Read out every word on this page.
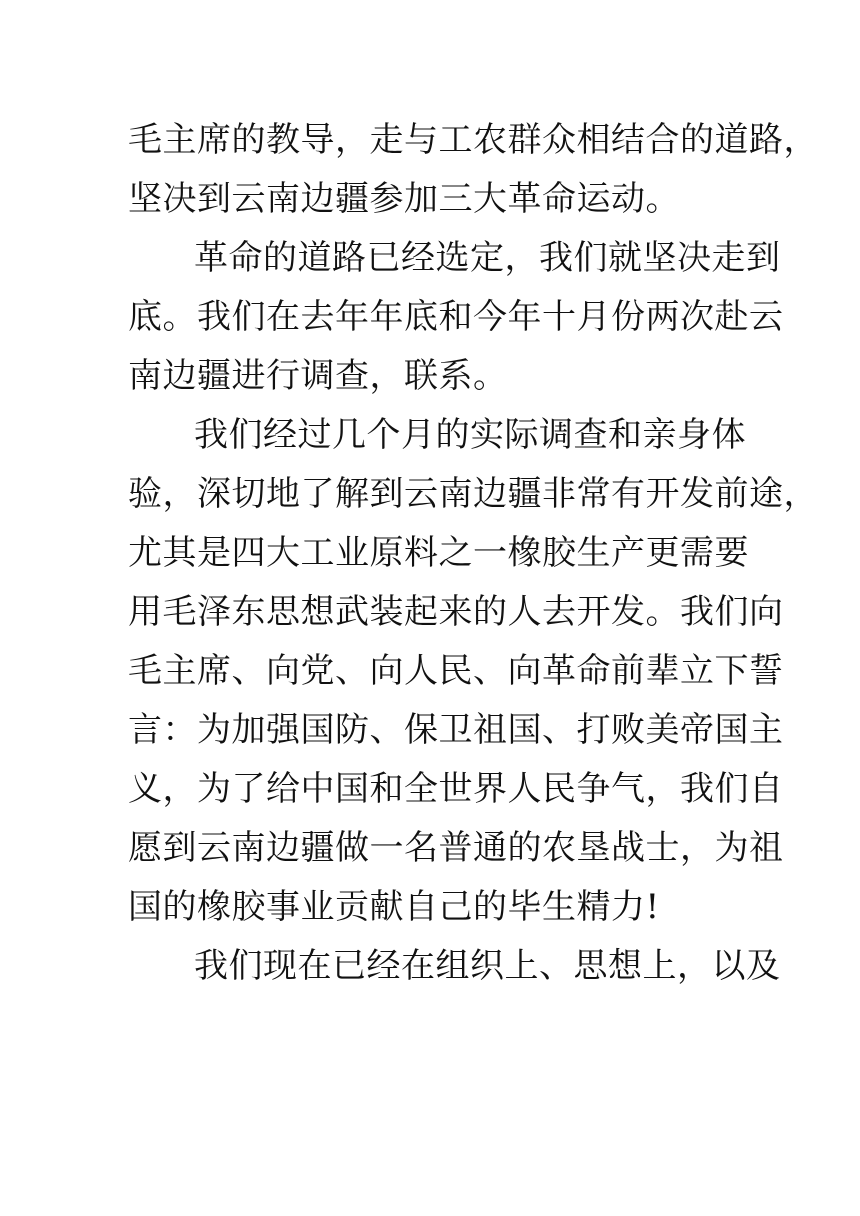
毛主席的教导，走与工农群众相结合的道路，
坚决到云南边疆参加三大革命运动。
革命的道路已经选定，我们就坚决走到
底。我们在去年年底和今年十月份两次赴云
南边疆进行调查，联系。
我们经过几个月的实际调查和亲身体
验，深切地了解到云南边疆非常有开发前途，
尤其是四大工业原料之一橡胶生产更需要
用毛泽东思想武装起来的人去开发。我们向
毛主席、向党、向人民、向革命前辈立下誓
言：为加强国防、保卫祖国、打败美帝国主
义，为了给中国和全世界人民争气，我们自
愿到云南边疆做一名普通的农垦战士，为祖
国的橡胶事业贡献自己的毕生精力!
我们现在已经在组织上、思想上，以及
